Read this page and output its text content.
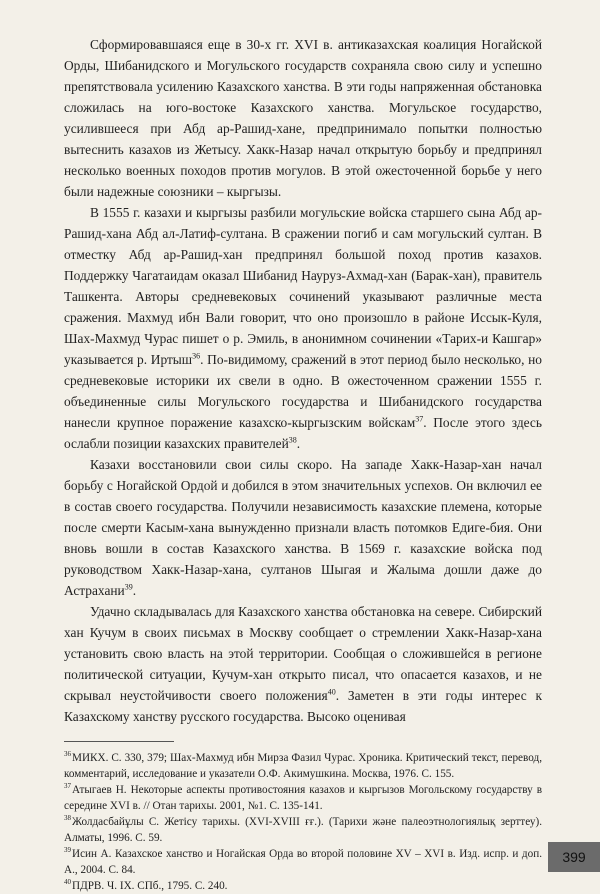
Сформировавшаяся еще в 30-х гг. XVI в. антиказахская коалиция Ногайской Орды, Шибанидского и Могульского государств сохраняла свою силу и успешно препятствовала усилению Казахского ханства. В эти годы напряженная обстановка сложилась на юго-востоке Казахского ханства. Могульское государство, усилившееся при Абд ар-Рашид-хане, предпринимало попытки полностью вытеснить казахов из Жетысу. Хакк-Назар начал открытую борьбу и предпринял несколько военных походов против могулов. В этой ожесточенной борьбе у него были надежные союзники – кыргызы.

В 1555 г. казахи и кыргызы разбили могульские войска старшего сына Абд ар-Рашид-хана Абд ал-Латиф-султана. В сражении погиб и сам могульский султан. В отместку Абд ар-Рашид-хан предпринял большой поход против казахов. Поддержку Чагатаидам оказал Шибанид Науруз-Ахмад-хан (Барак-хан), правитель Ташкента. Авторы средневековых сочинений указывают различные места сражения. Махмуд ибн Вали говорит, что оно произошло в районе Иссык-Куля, Шах-Махмуд Чурас пишет о р. Эмиль, в анонимном сочинении «Тарих-и Кашгар» указывается р. Иртыш$^{36}$. По-видимому, сражений в этот период было несколько, но средневековые историки их свели в одно. В ожесточенном сражении 1555 г. объединенные силы Могульского государства и Шибанидского государства нанесли крупное поражение казахско-кыргызским войскам$^{37}$. После этого здесь ослабли позиции казахских правителей$^{38}$.

Казахи восстановили свои силы скоро. На западе Хакк-Назар-хан начал борьбу с Ногайской Ордой и добился в этом значительных успехов. Он включил ее в состав своего государства. Получили независимость казахские племена, которые после смерти Касым-хана вынужденно признали власть потомков Едиге-бия. Они вновь вошли в состав Казахского ханства. В 1569 г. казахские войска под руководством Хакк-Назар-хана, султанов Шыгая и Жалыма дошли даже до Астрахани$^{39}$.

Удачно складывалась для Казахского ханства обстановка на севере. Сибирский хан Кучум в своих письмах в Москву сообщает о стремлении Хакк-Назар-хана установить свою власть на этой территории. Сообщая о сложившейся в регионе политической ситуации, Кучум-хан открыто писал, что опасается казахов, и не скрывал неустойчивости своего положения$^{40}$. Заметен в эти годы интерес к Казахскому ханству русского государства. Высоко оценивая

$^{36}$МИКХ. С. 330, 379; Шах-Махмуд ибн Мирза Фазил Чурас. Хроника. Критический текст, перевод, комментарий, исследование и указатели О.Ф. Акимушкина. Москва, 1976. С. 155.

$^{37}$Атыгаев Н. Некоторые аспекты противостояния казахов и кыргызов Могольскому государству в середине XVI в. // Отан тарихы. 2001, №1. С. 135-141.

$^{38}$Жолдасбайұлы С. Жетісу тарихы. (XVI-XVIII ғғ.). (Тарихи және палеоэтнологиялық зерттеу). Алматы, 1996. С. 59.

$^{39}$Исин А. Казахское ханство и Ногайская Орда во второй половине XV – XVI в. Изд. испр. и доп. А., 2004. С. 84.

$^{40}$ПДРВ. Ч. IX. СПб., 1795. С. 240.

399
